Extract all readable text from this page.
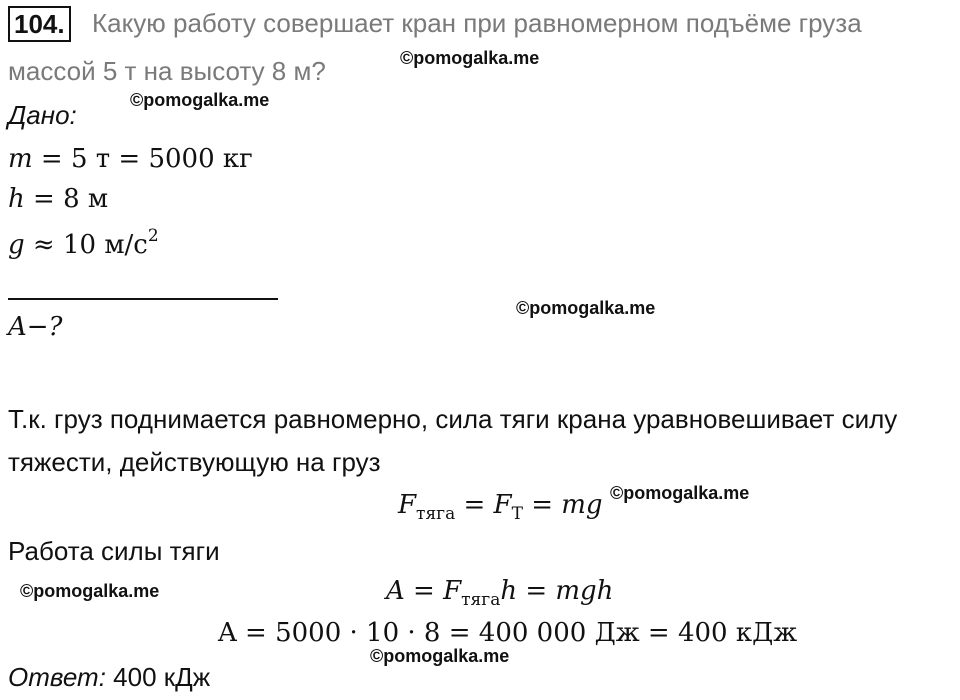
104. Какую работу совершает кран при равномерном подъёме груза
массой 5 т на высоту 8 м?	©pomogalka.me
©pomogalka.me
©pomogalka.me
©pomogalka.me
©pomogalka.me
©pomogalka.me
Дано:
m = 5 т = 5000 кг
h = 8 м
g ≈ 10 $м/с^2$
A−?
Т.к. груз поднимается равномерно, сила тяги крана уравновешивает силу
тяжести, действующую на груз
$F_{тяга} = F_T$ = mg
Работа силы тяги
$A = F_{тяга}h$ = mgh
A = 5000 · 10 · 8 = 400 000 Дж = 400 кДж
Ответ: 400 кДж
